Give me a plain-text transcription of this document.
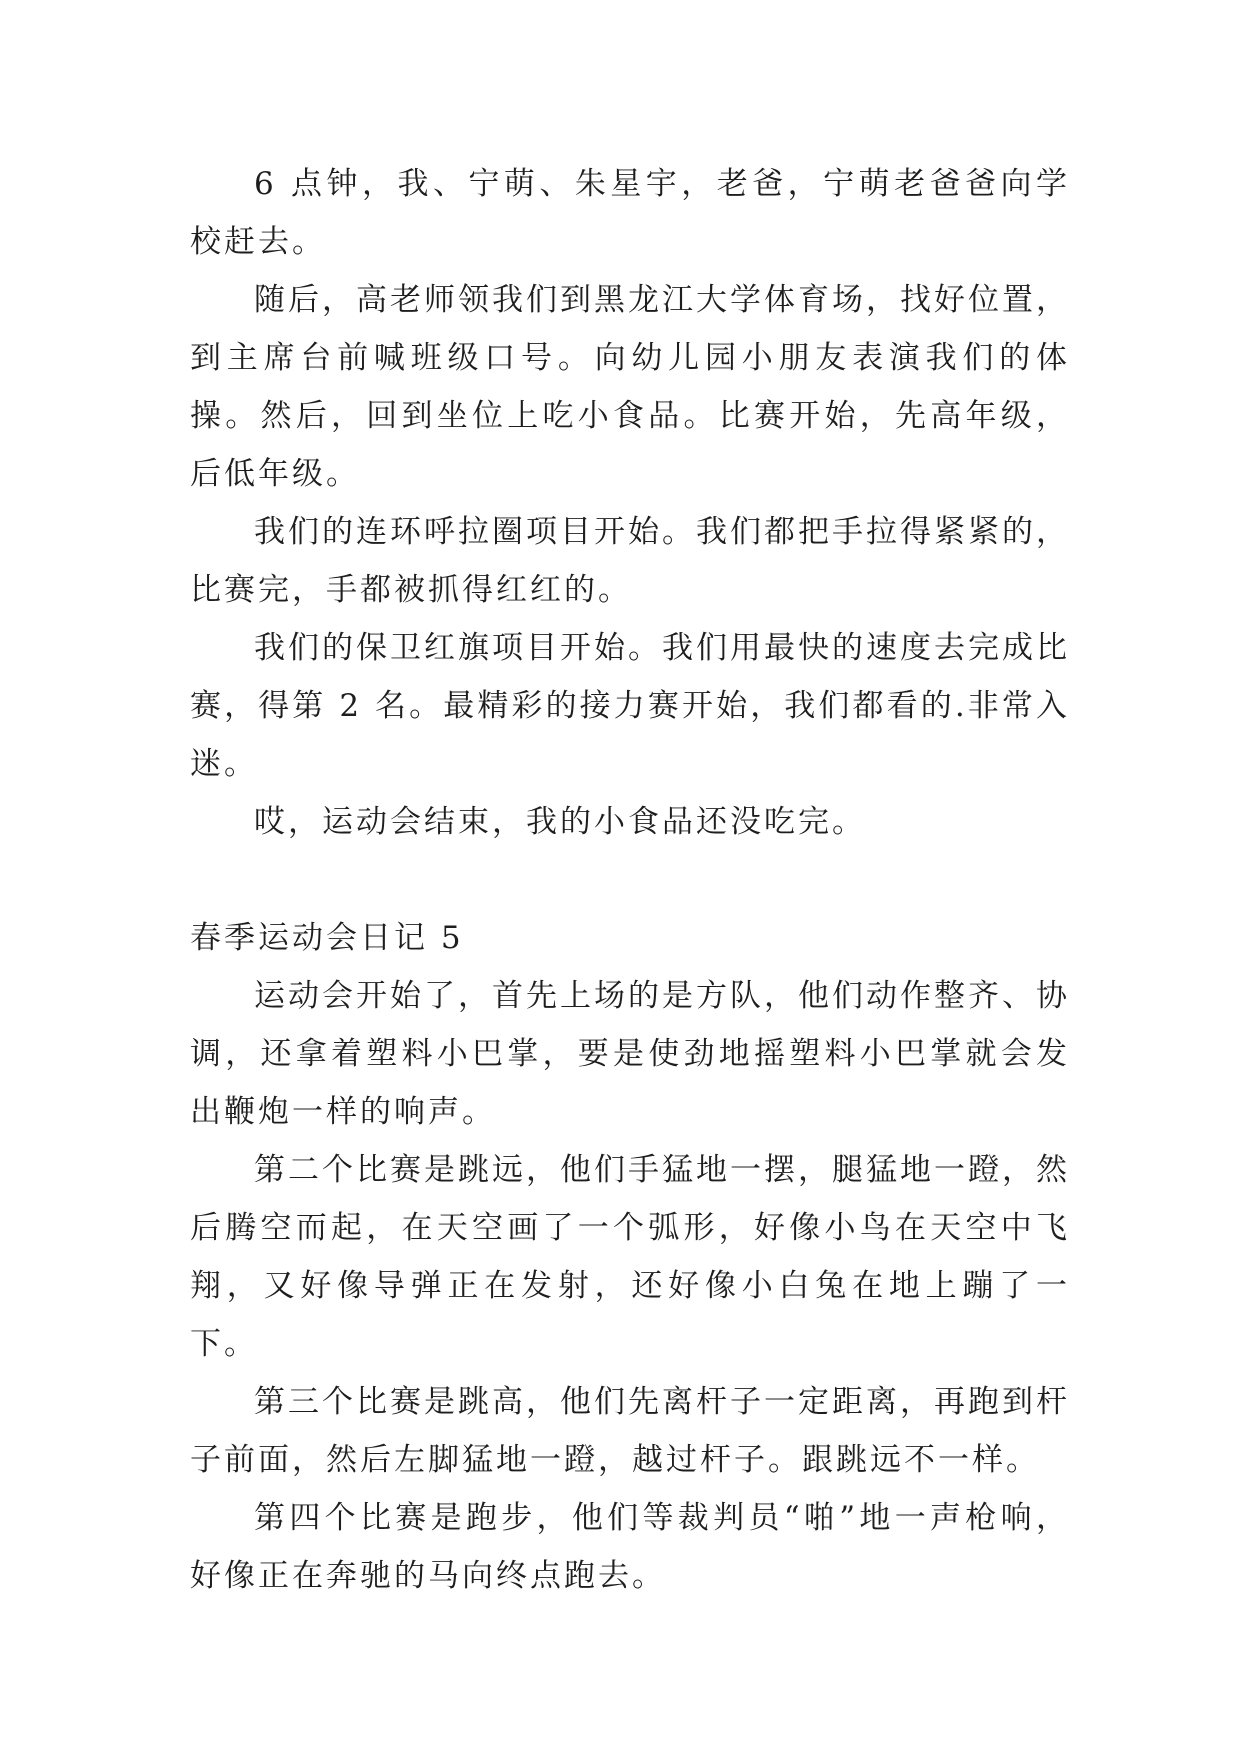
6 点钟，我、宁萌、朱星宇，老爸，宁萌老爸爸向学校赶去。

随后，高老师领我们到黑龙江大学体育场，找好位置，到主席台前喊班级口号。向幼儿园小朋友表演我们的体操。然后，回到坐位上吃小食品。比赛开始，先高年级，后低年级。

我们的连环呼拉圈项目开始。我们都把手拉得紧紧的，比赛完，手都被抓得红红的。

我们的保卫红旗项目开始。我们用最快的速度去完成比赛，得第 2 名。最精彩的接力赛开始，我们都看的.非常入迷。

哎，运动会结束，我的小食品还没吃完。

春季运动会日记 5

运动会开始了，首先上场的是方队，他们动作整齐、协调，还拿着塑料小巴掌，要是使劲地摇塑料小巴掌就会发出鞭炮一样的响声。

第二个比赛是跳远，他们手猛地一摆，腿猛地一蹬，然后腾空而起，在天空画了一个弧形，好像小鸟在天空中飞翔，又好像导弹正在发射，还好像小白兔在地上蹦了一下。

第三个比赛是跳高，他们先离杆子一定距离，再跑到杆子前面，然后左脚猛地一蹬，越过杆子。跟跳远不一样。

第四个比赛是跑步，他们等裁判员“啪”地一声枪响，好像正在奔驰的马向终点跑去。
